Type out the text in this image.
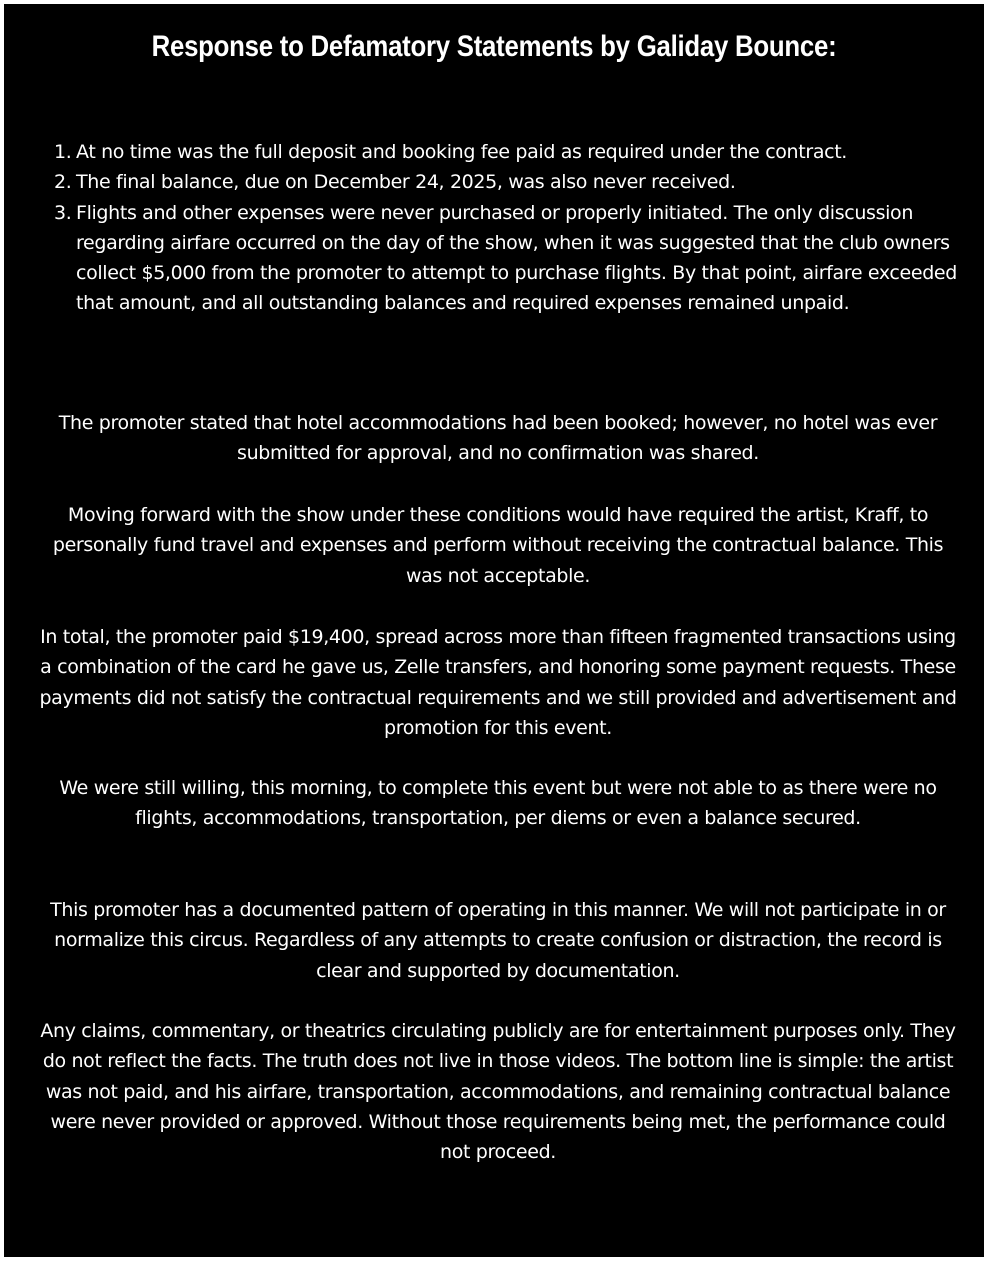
Response to Defamatory Statements by Galiday Bounce:
1. At no time was the full deposit and booking fee paid as required under the contract.
2. The final balance, due on December 24, 2025, was also never received.
3. Flights and other expenses were never purchased or properly initiated. The only discussion regarding airfare occurred on the day of the show, when it was suggested that the club owners collect $5,000 from the promoter to attempt to purchase flights. By that point, airfare exceeded that amount, and all outstanding balances and required expenses remained unpaid.

The promoter stated that hotel accommodations had been booked; however, no hotel was ever submitted for approval, and no confirmation was shared.

Moving forward with the show under these conditions would have required the artist, Kraff, to personally fund travel and expenses and perform without receiving the contractual balance. This was not acceptable.

In total, the promoter paid $19,400, spread across more than fifteen fragmented transactions using a combination of the card he gave us, Zelle transfers, and honoring some payment requests. These payments did not satisfy the contractual requirements and we still provided and advertisement and promotion for this event.

We were still willing, this morning, to complete this event but were not able to as there were no flights, accommodations, transportation, per diems or even a balance secured.

This promoter has a documented pattern of operating in this manner. We will not participate in or normalize this circus. Regardless of any attempts to create confusion or distraction, the record is clear and supported by documentation.

Any claims, commentary, or theatrics circulating publicly are for entertainment purposes only. They do not reflect the facts. The truth does not live in those videos. The bottom line is simple: the artist was not paid, and his airfare, transportation, accommodations, and remaining contractual balance were never provided or approved. Without those requirements being met, the performance could not proceed.
